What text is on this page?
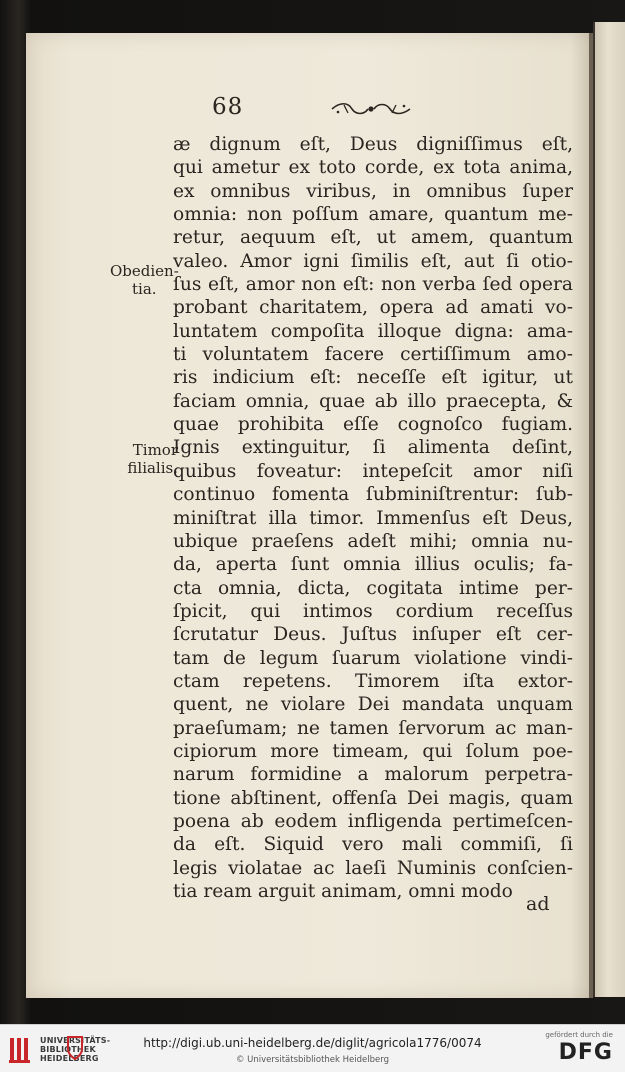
68
æ dignum eſt, Deus digniſſimus eſt,
qui ametur ex toto corde, ex tota anima,
ex omnibus viribus, in omnibus ſuper
omnia: non poſſum amare, quantum me-
retur, aequum eſt, ut amem, quantum
valeo. Amor igni ſimilis eſt, aut ſi otio-
ſus eſt, amor non eſt: non verba ſed opera
probant charitatem, opera ad amati vo-
luntatem compoſita illoque digna: ama-
ti voluntatem facere certiſſimum amo-
ris indicium eſt: neceſſe eſt igitur, ut
faciam omnia, quae ab illo praecepta, &
quae prohibita eſſe cognoſco fugiam.
Ignis extinguitur, ſi alimenta deſint,
quibus foveatur: intepeſcit amor niſi
continuo fomenta ſubminiſtrentur: ſub-
miniſtrat illa timor. Immenſus eſt Deus,
ubique praeſens adeſt mihi; omnia nu-
da, aperta ſunt omnia illius oculis; fa-
cta omnia, dicta, cogitata intime per-
ſpicit, qui intimos cordium receſſus
ſcrutatur Deus. Juſtus inſuper eſt cer-
tam de legum ſuarum violatione vindi-
ctam repetens. Timorem iſta extor-
quent, ne violare Dei mandata unquam
praeſumam; ne tamen ſervorum ac man-
cipiorum more timeam, qui ſolum poe-
narum formidine a malorum perpetra-
tione abſtinent, offenſa Dei magis, quam
poena ab eodem infligenda pertimeſcen-
da eſt. Siquid vero mali commiſi, ſi
legis violatae ac laeſi Numinis conſcien-
tia ream arguit animam, omni modo
ad
Obedien-
tia.
Timor
filialis.
UNIVERSITÄTS-
BIBLIOTHEK
HEIDELBERG
http://digi.ub.uni-heidelberg.de/diglit/agricola1776/0074
© Universitätsbibliothek Heidelberg
gefördert durch die
DFG
